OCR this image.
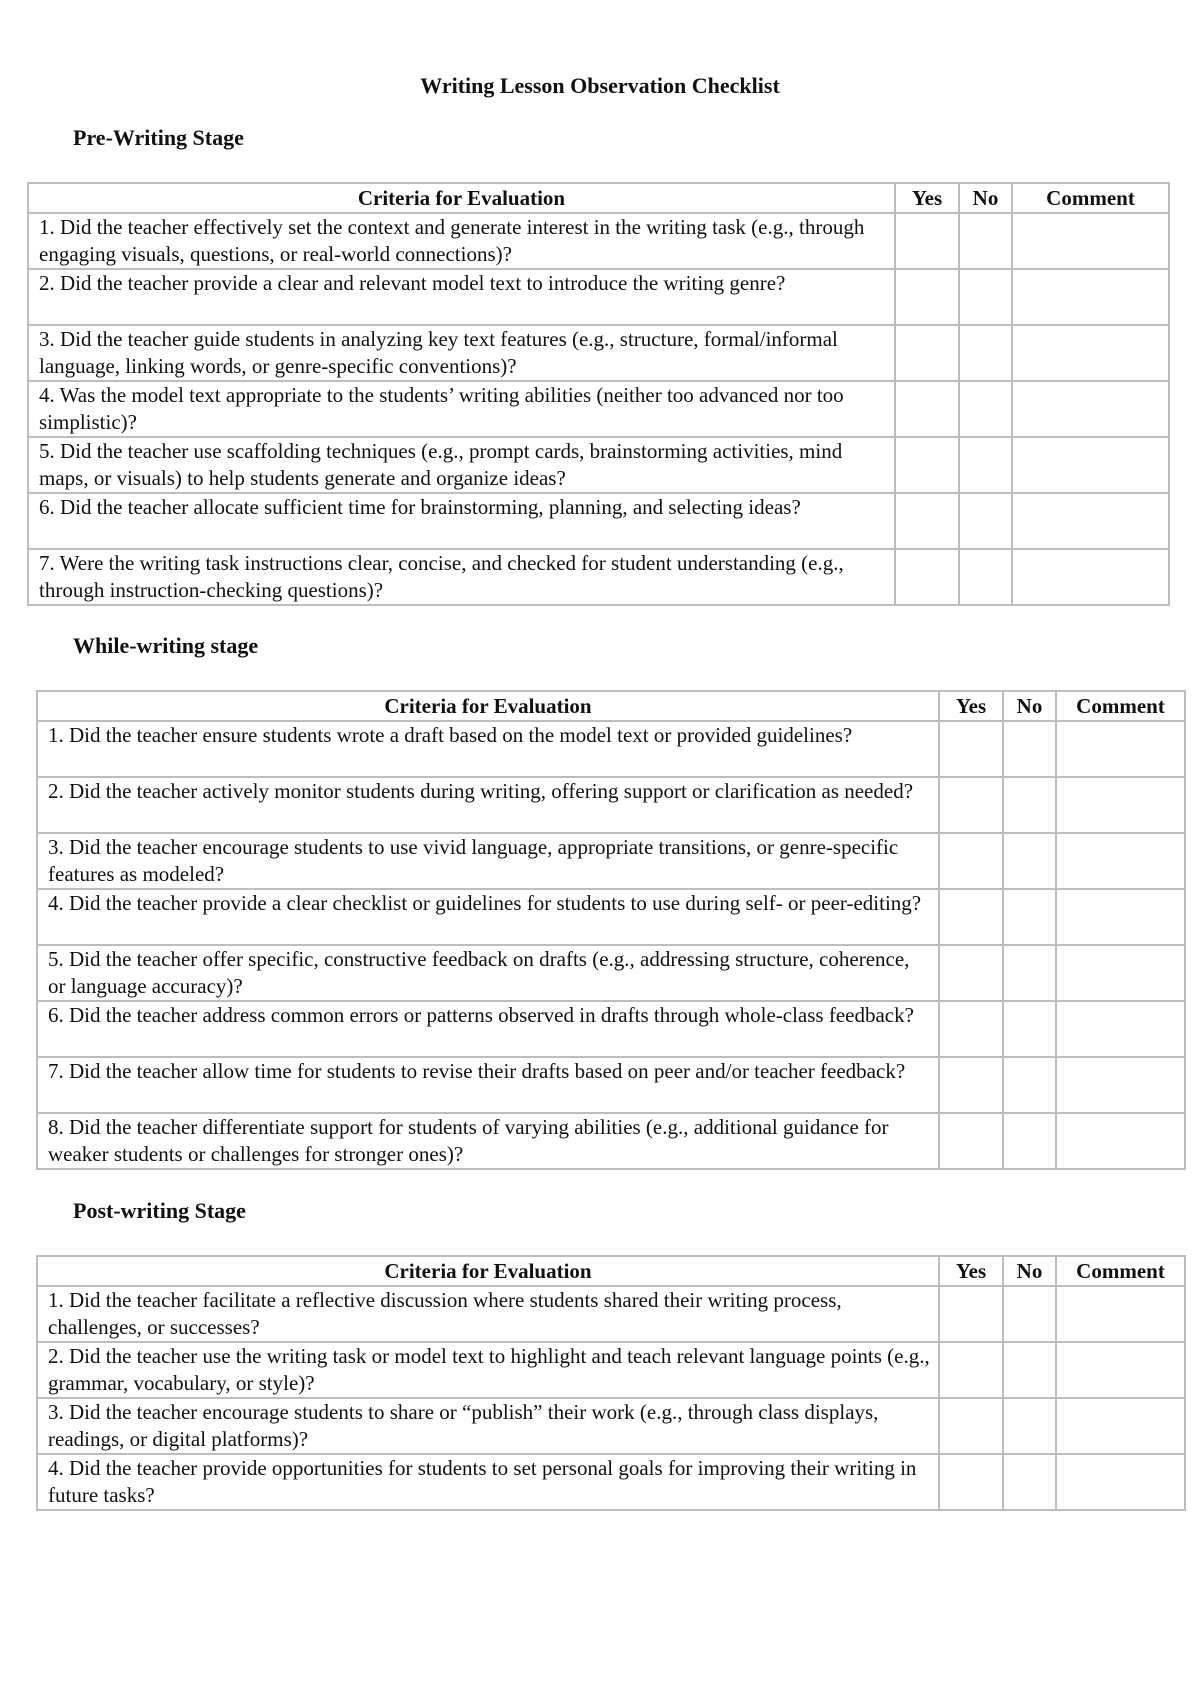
Writing Lesson Observation Checklist
Pre-Writing Stage
Criteria for Evaluation	Yes	No	Comment
1. Did the teacher effectively set the context and generate interest in the writing task (e.g., through engaging visuals, questions, or real-world connections)?			
2. Did the teacher provide a clear and relevant model text to introduce the writing genre?			
3. Did the teacher guide students in analyzing key text features (e.g., structure, formal/informal language, linking words, or genre-specific conventions)?			
4. Was the model text appropriate to the students’ writing abilities (neither too advanced nor too simplistic)?			
5. Did the teacher use scaffolding techniques (e.g., prompt cards, brainstorming activities, mind maps, or visuals) to help students generate and organize ideas?			
6. Did the teacher allocate sufficient time for brainstorming, planning, and selecting ideas?			
7. Were the writing task instructions clear, concise, and checked for student understanding (e.g., through instruction-checking questions)?			
While-writing stage
Criteria for Evaluation	Yes	No	Comment
1. Did the teacher ensure students wrote a draft based on the model text or provided guidelines?			
2. Did the teacher actively monitor students during writing, offering support or clarification as needed?			
3. Did the teacher encourage students to use vivid language, appropriate transitions, or genre-specific features as modeled?			
4. Did the teacher provide a clear checklist or guidelines for students to use during self- or peer-editing?			
5. Did the teacher offer specific, constructive feedback on drafts (e.g., addressing structure, coherence, or language accuracy)?			
6. Did the teacher address common errors or patterns observed in drafts through whole-class feedback?			
7. Did the teacher allow time for students to revise their drafts based on peer and/or teacher feedback?			
8. Did the teacher differentiate support for students of varying abilities (e.g., additional guidance for weaker students or challenges for stronger ones)?			
Post-writing Stage
Criteria for Evaluation	Yes	No	Comment
1. Did the teacher facilitate a reflective discussion where students shared their writing process, challenges, or successes?			
2. Did the teacher use the writing task or model text to highlight and teach relevant language points (e.g., grammar, vocabulary, or style)?			
3. Did the teacher encourage students to share or “publish” their work (e.g., through class displays, readings, or digital platforms)?			
4. Did the teacher provide opportunities for students to set personal goals for improving their writing in future tasks?			
